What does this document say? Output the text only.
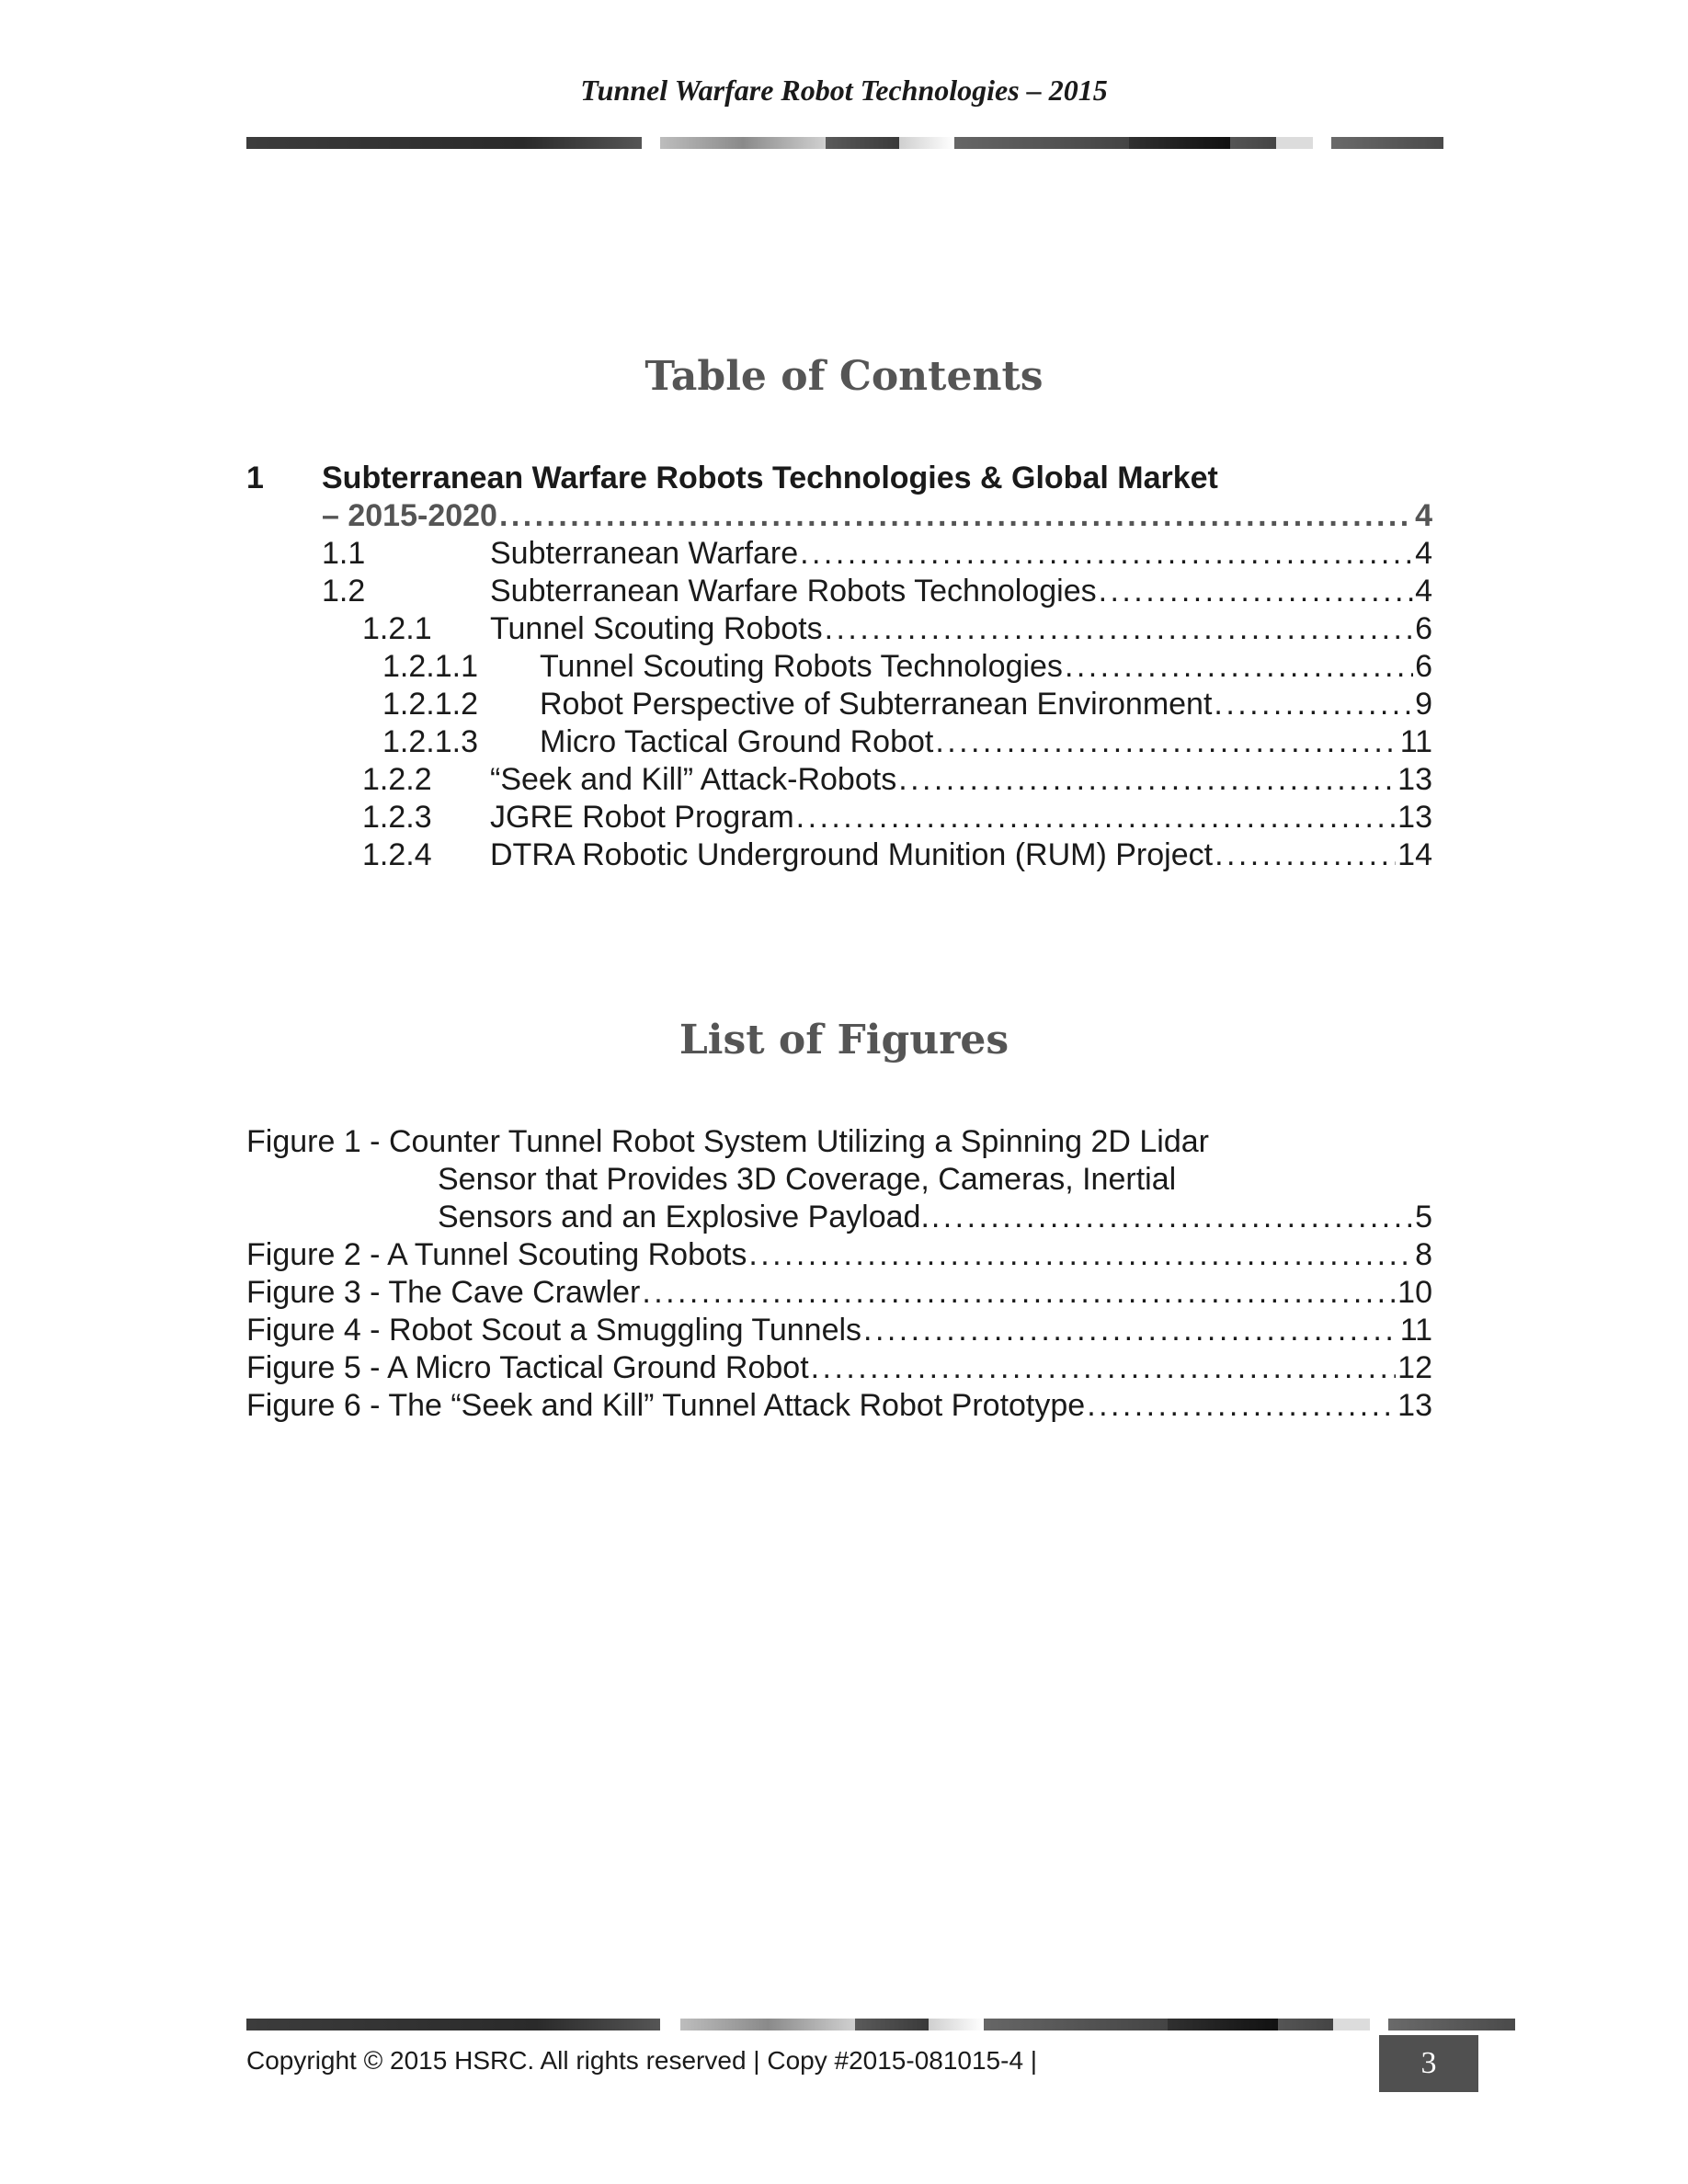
Tunnel Warfare Robot Technologies – 2015
Table of Contents
1 Subterranean Warfare Robots Technologies & Global Market
– 2015-2020 . . .	4
1.1	Subterranean Warfare . . .	4
1.2	Subterranean Warfare Robots Technologies . . .	4
1.2.1 Tunnel Scouting Robots . . .	6
1.2.1.1 Tunnel Scouting Robots Technologies . . .	6
1.2.1.2 Robot Perspective of Subterranean Environment . . .	9
1.2.1.3 Micro Tactical Ground Robot . . .	11
1.2.2 “Seek and Kill” Attack-Robots . . .	13
1.2.3 JGRE Robot Program . . .	13
1.2.4 DTRA Robotic Underground Munition (RUM) Project . . .	14
List of Figures
Figure 1 - Counter Tunnel Robot System Utilizing a Spinning 2D Lidar
Sensor that Provides 3D Coverage, Cameras, Inertial
Sensors and an Explosive Payload. . . .	5
Figure 2 - A Tunnel Scouting Robots . . .	8
Figure 3 - The Cave Crawler . . .	10
Figure 4 - Robot Scout a Smuggling Tunnels . . .	11
Figure 5 - A Micro Tactical Ground Robot . . .	12
Figure 6 - The “Seek and Kill” Tunnel Attack Robot Prototype . . .	13
Copyright © 2015 HSRC. All rights reserved | Copy #2015-081015-4 |	3
